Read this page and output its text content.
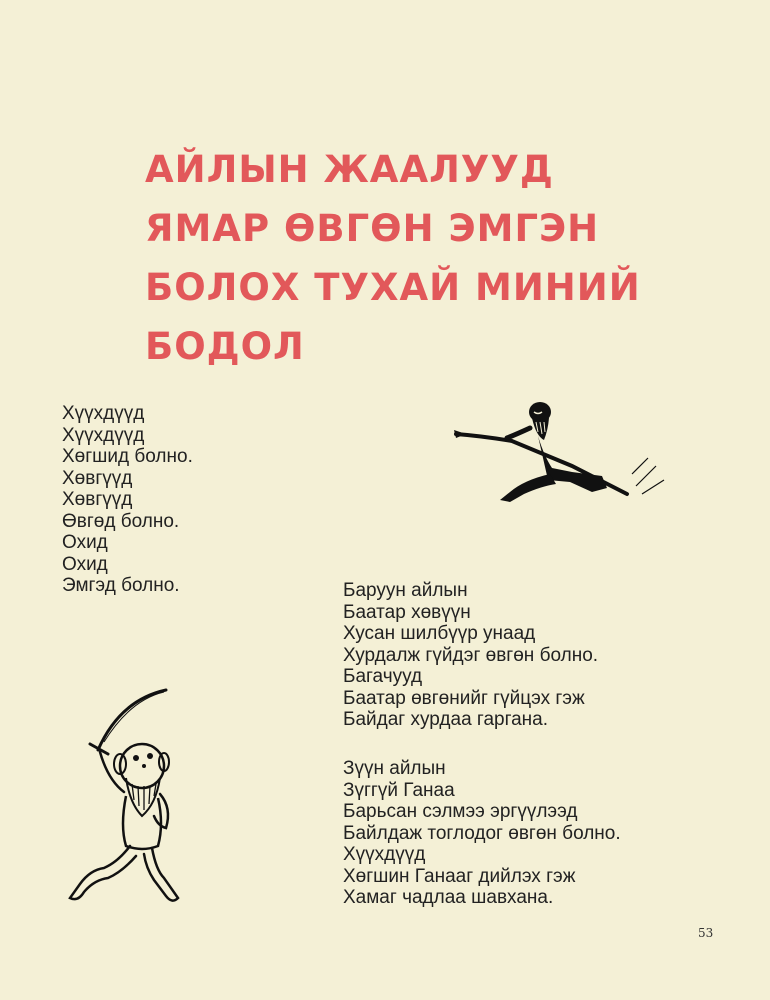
АЙЛЫН ЖААЛУУД
ЯМАР ӨВГӨН ЭМГЭН
БОЛОХ ТУХАЙ МИНИЙ
БОДОЛ
Хүүхдүүд
Хүүхдүүд
Хөгшид болно.
Хөвгүүд
Хөвгүүд
Өвгөд болно.
Охид
Охид
Эмгэд болно.	Баруун айлын
Баатар хөвүүн
Хусан шилбүүр унаад
Хурдалж гүйдэг өвгөн болно.
Багачууд
Баатар өвгөнийг гүйцэх гэж
Байдаг хурдаа гаргана.
Зүүн айлын
Зүггүй Ганаа
Барьсан сэлмээ эргүүлээд
Байлдаж тоглодог өвгөн болно.
Хүүхдүүд
Хөгшин Ганааг дийлэх гэж
Хамаг чадлаа шавхана.
53
